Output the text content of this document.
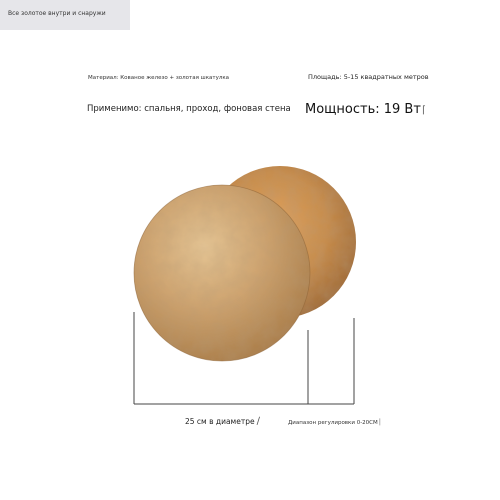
Все золотое внутри и снаружи
Материал: Кованое железо + золотая шкатулка	Площадь: 5-15 квадратных метров
Применимо: спальня, проход, фоновая стена Мощность: 19 Вт⌈
25 см в диаметре ∕	Диапазон регулировки 0-20СМ ⎸
